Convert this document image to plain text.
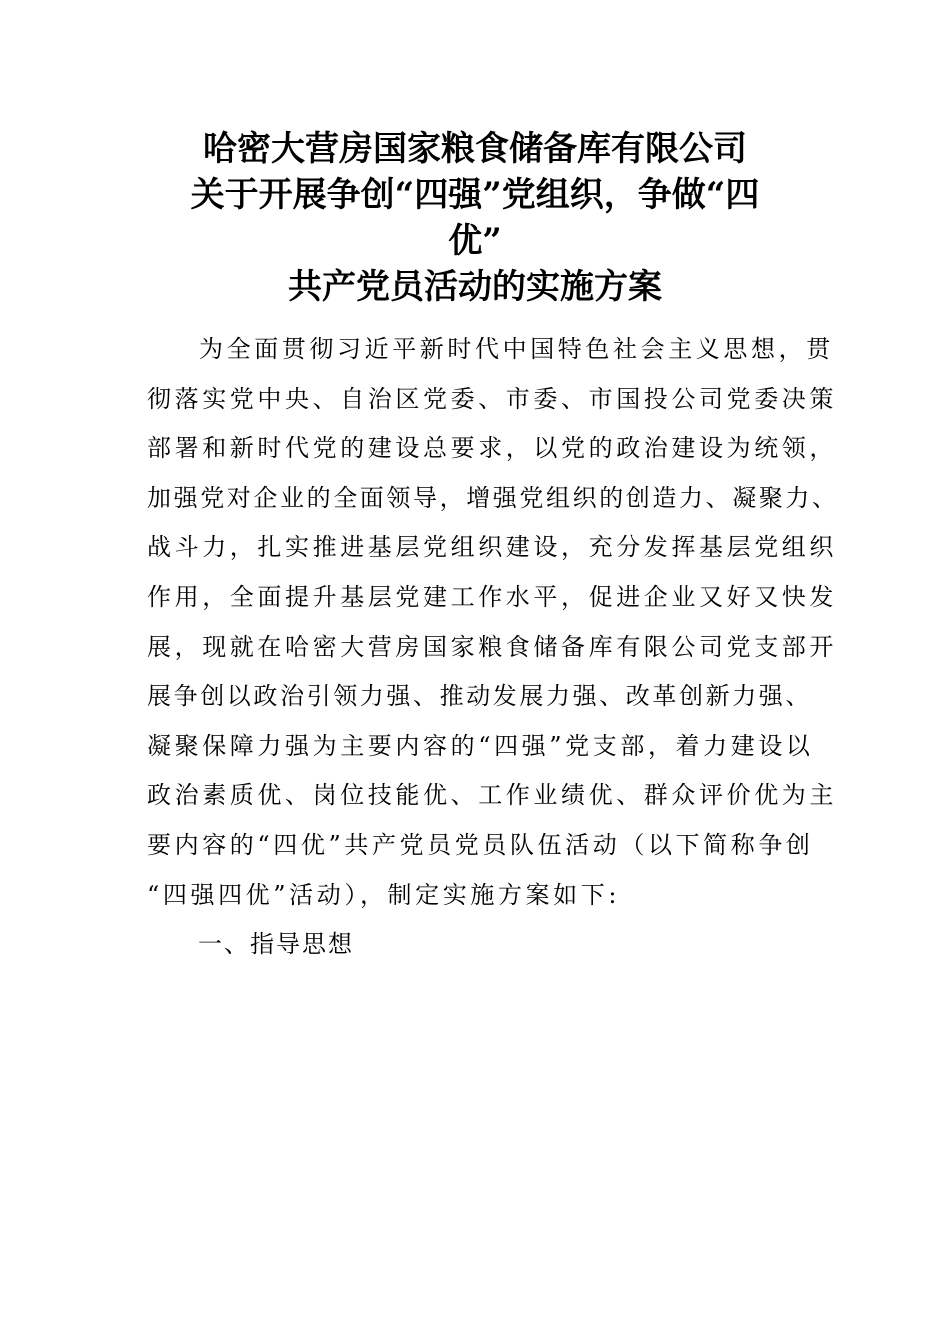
哈密大营房国家粮食储备库有限公司
关于开展争创“四强”党组织，争做“四
优”
共产党员活动的实施方案
为全面贯彻习近平新时代中国特色社会主义思想，贯
彻落实党中央、自治区党委、市委、市国投公司党委决策
部署和新时代党的建设总要求，以党的政治建设为统领，
加强党对企业的全面领导，增强党组织的创造力、凝聚力、
战斗力，扎实推进基层党组织建设，充分发挥基层党组织
作用，全面提升基层党建工作水平，促进企业又好又快发
展，现就在哈密大营房国家粮食储备库有限公司党支部开
展争创以政治引领力强、推动发展力强、改革创新力强、
凝聚保障力强为主要内容的“四强”党支部，着力建设以
政治素质优、岗位技能优、工作业绩优、群众评价优为主
要内容的“四优”共产党员党员队伍活动（以下简称争创
“四强四优”活动），制定实施方案如下:
一、指导思想
